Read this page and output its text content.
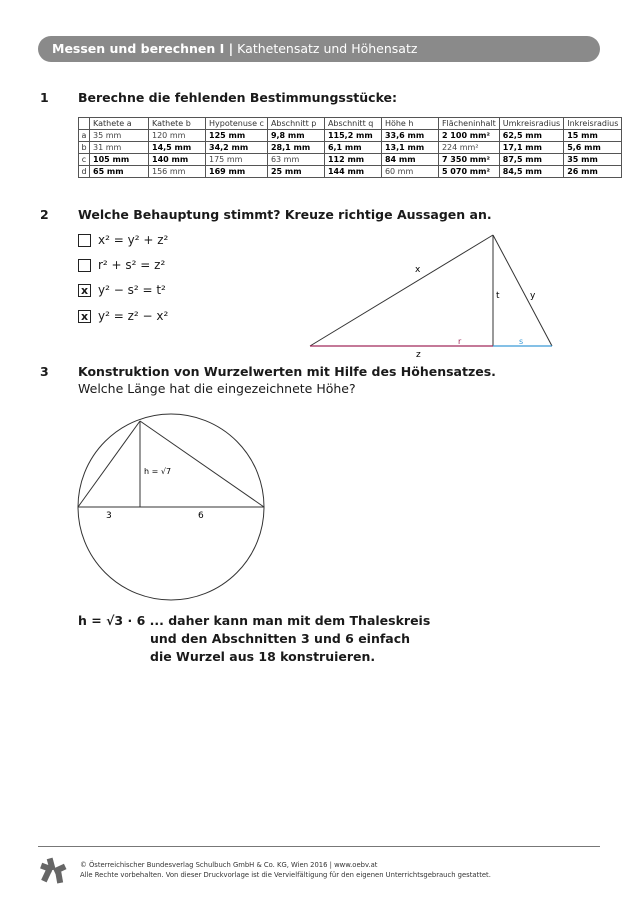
Messen und berechnen I | Kathetensatz und Höhensatz
1 Berechne die fehlenden Bestimmungsstücke:
	Kathete a	Kathete b	Hypotenuse c	Abschnitt p	Abschnitt q	Höhe h	Flächeninhalt	Umkreisradius	Inkreisradius
a	35 mm	120 mm	125 mm	9,8 mm	115,2 mm	33,6 mm	2 100 mm²	62,5 mm	15 mm
b	31 mm	14,5 mm	34,2 mm	28,1 mm	6,1 mm	13,1 mm	224 mm²	17,1 mm	5,6 mm
c	105 mm	140 mm	175 mm	63 mm	112 mm	84 mm	7 350 mm²	87,5 mm	35 mm
d	65 mm	156 mm	169 mm	25 mm	144 mm	60 mm	5 070 mm²	84,5 mm	26 mm
2 Welche Behauptung stimmt? Kreuze richtige Aussagen an.
x² = y² + z²
r² + s² = z²
x y² − s² = t²
x y² = z² − x²
x
y
t
z
r	s
h = √7
3	6
3 Konstruktion von Wurzelwerten mit Hilfe des Höhensatzes.
Welche Länge hat die eingezeichnete Höhe?
h = √3 · 6 ... daher kann man mit dem Thaleskreis
und den Abschnitten 3 und 6 einfach
die Wurzel aus 18 konstruieren.
© Österreichischer Bundesverlag Schulbuch GmbH & Co. KG, Wien 2016 | www.oebv.at
Alle Rechte vorbehalten. Von dieser Druckvorlage ist die Vervielfältigung für den eigenen Unterrichtsgebrauch gestattet.
